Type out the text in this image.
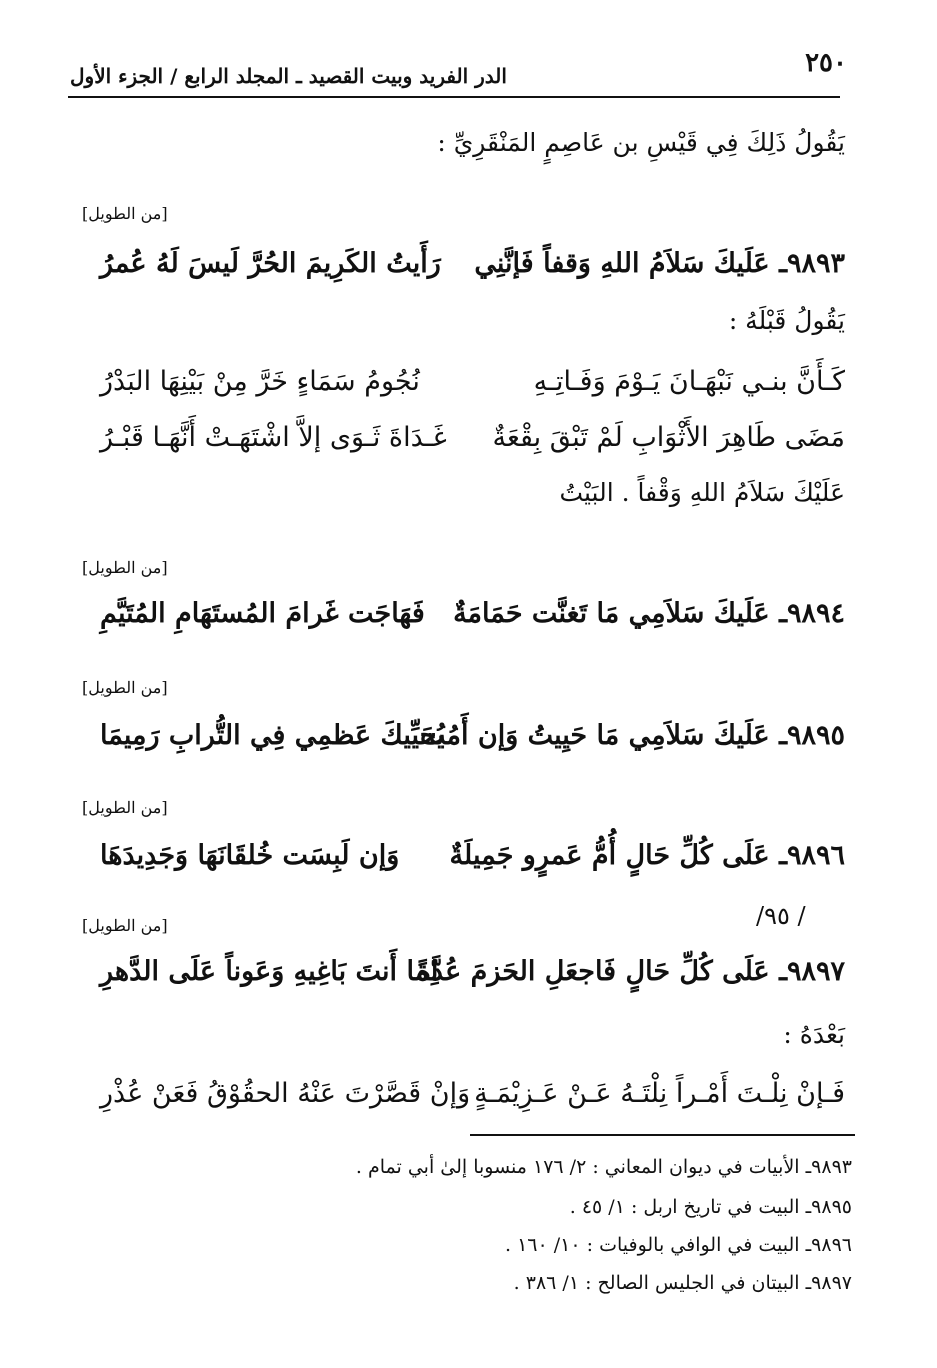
٢٥٠
الدر الفريد وبيت القصيد ـ المجلد الرابع / الجزء الأول
يَقُولُ ذَلِكَ فِي قَيْسِ بن عَاصِمٍ المَنْقَرِيِّ :
[من الطويل]
٩٨٩٣ـ عَلَيكَ سَلاَمُ اللهِ وَقفاً فَإنَّنِي
رَأَيتُ الكَرِيمَ الحُرَّ لَيسَ لَهُ عُمرُ
يَقُولُ قَبْلَهُ :
كَـأَنَّ بنـي نَبْهَـانَ يَـوْمَ وَفَـاتِـهِ
نُجُومُ سَمَاءٍ خَرَّ مِنْ بَيْنِهَا البَدْرُ
مَضَى طَاهِرَ الأَثْوَابِ لَمْ تَبْقَ بِقْعَةٌ
غَـدَاةَ ثَـوَى إلاَّ اشْتَهَـتْ أَنَّهَـا قَبْـرُ
عَلَيْكَ سَلاَمُ اللهِ وَقْفاً . البَيْتُ
[من الطويل]
٩٨٩٤ـ عَلَيكَ سَلاَمِي مَا تَغنَّت حَمَامَةٌ
فَهَاجَت غَرامَ المُستَهَامِ المُتَيَّمِ
[من الطويل]
٩٨٩٥ـ عَلَيكَ سَلاَمِي مَا حَيِيتُ وَإن أَمُت
يُحَيِّيكَ عَظمِي فِي التُّرابِ رَمِيمَا
[من الطويل]
٩٨٩٦ـ عَلَى كُلِّ حَالٍ أُمُّ عَمرٍو جَمِيلَةٌ
وَإن لَبِسَت خُلقَانَهَا وَجَدِيدَهَا
/ ٩٥/
[من الطويل]
٩٨٩٧ـ عَلَى كُلِّ حَالٍ فَاجعَلِ الحَزمَ عُدَّةً
لِما أَنتَ بَاغِيهِ وَعَوناً عَلَى الدَّهرِ
بَعْدَهُ :
فَـإنْ نِلْـتَ أَمْـراً نِلْتَـهُ عَـنْ عَـزِيْمَـةٍ
وَإنْ قَصَّرْتَ عَنْهُ الحقُوْقُ فَعَنْ عُذْرِ
٩٨٩٣ـ الأبيات في ديوان المعاني : ٢/ ١٧٦ منسوبا إلىٰ أبي تمام .
٩٨٩٥ـ البيت في تاريخ اربل : ١/ ٤٥ .
٩٨٩٦ـ البيت في الوافي بالوفيات : ١٠/ ١٦٠ .
٩٨٩٧ـ البيتان في الجليس الصالح : ١/ ٣٨٦ .
